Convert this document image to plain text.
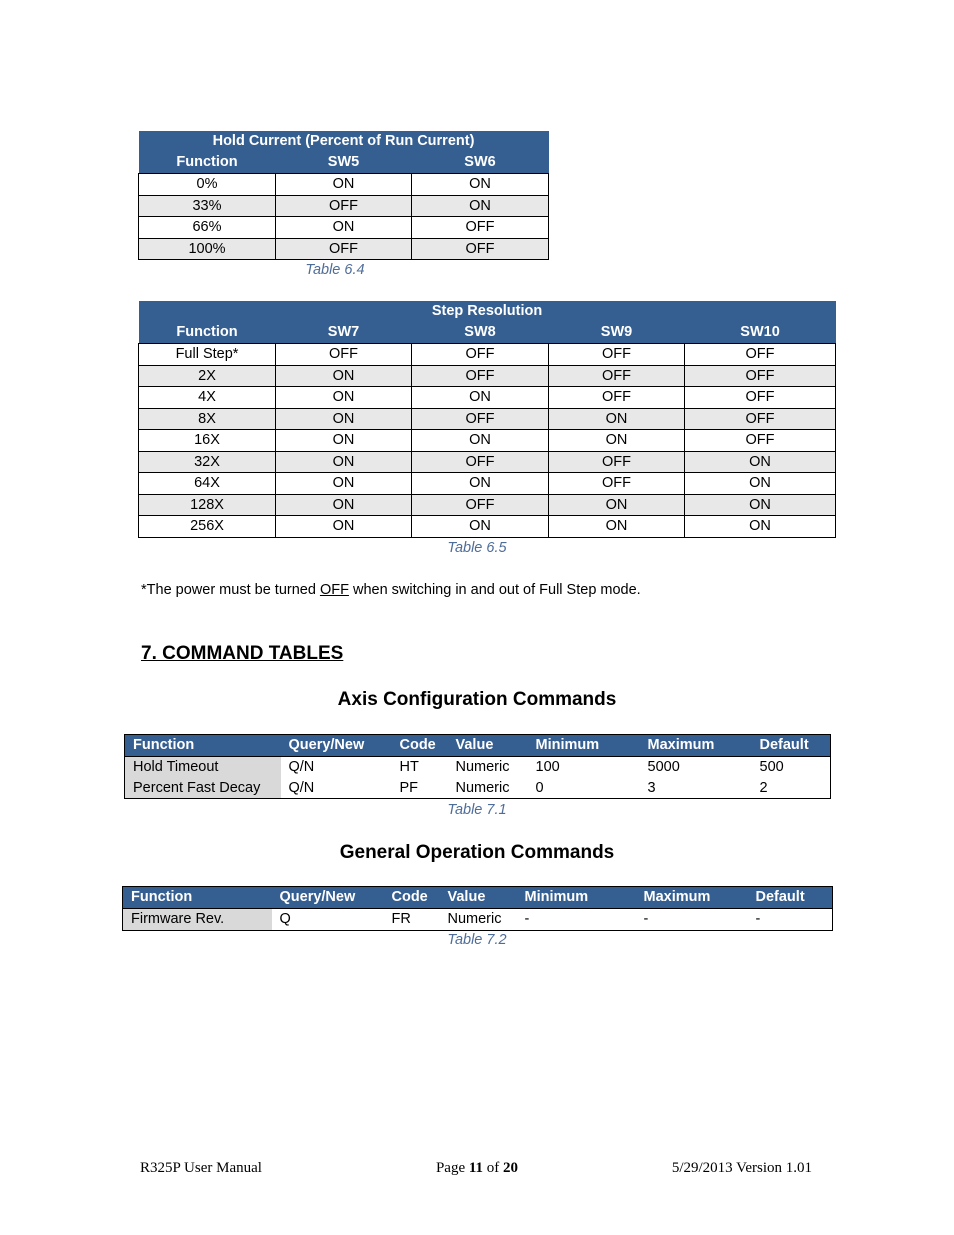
Hold Current (Percent of Run Current)		
Function	SW5	SW6
0%	ON	ON
33%	OFF	ON
66%	ON	OFF
100%	OFF	OFF
Table 6.4
Step Resolution				
Function	SW7	SW8	SW9	SW10
Full Step*	OFF	OFF	OFF	OFF
2X	ON	OFF	OFF	OFF
4X	ON	ON	OFF	OFF
8X	ON	OFF	ON	OFF
16X	ON	ON	ON	OFF
32X	ON	OFF	OFF	ON
64X	ON	ON	OFF	ON
128X	ON	OFF	ON	ON
256X	ON	ON	ON	ON
Table 6.5
*The power must be turned OFF when switching in and out of Full Step mode.
7. COMMAND TABLES
Axis Configuration Commands
Function	Query/New	Code	Value	Minimum	Maximum	Default
Hold Timeout	Q/N	HT	Numeric	100	5000	500
Percent Fast Decay	Q/N	PF	Numeric	0	3	2
Table 7.1
General Operation Commands
Function	Query/New	Code	Value	Minimum	Maximum	Default
Firmware Rev.	Q	FR	Numeric	-	-	-
Table 7.2
R325P User Manual	Page 11 of 20	5/29/2013 Version 1.01
